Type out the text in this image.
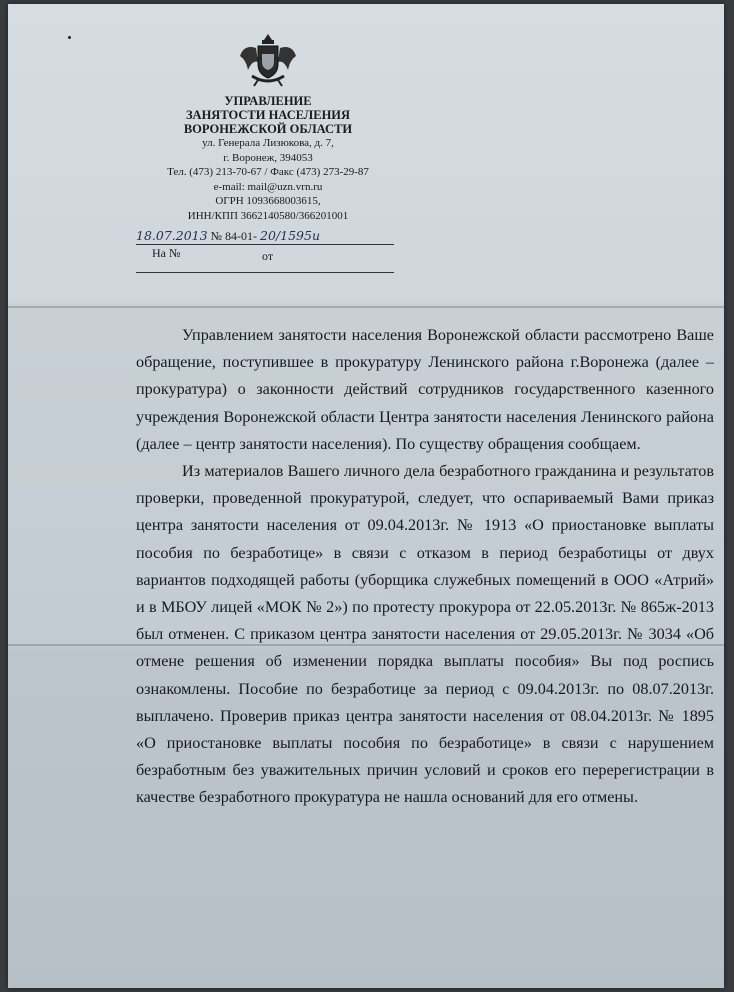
УПРАВЛЕНИЕ
ЗАНЯТОСТИ НАСЕЛЕНИЯ
ВОРОНЕЖСКОЙ ОБЛАСТИ
ул. Генерала Лизюкова, д. 7,
г. Воронеж, 394053
Тел. (473) 213-70-67 / Факс (473) 273-29-87
e-mail: mail@uzn.vrn.ru
ОГРН 1093668003615,
ИНН/КПП 3662140580/366201001
18.07.2013 № 84-01- 20/1595и
На №	от

Управлением занятости населения Воронежской области рассмотрено Ваше обращение, поступившее в прокуратуру Ленинского района г.Воронежа (далее – прокуратура) о законности действий сотрудников государственного казенного учреждения Воронежской области Центра занятости населения Ленинского района (далее – центр занятости населения). По существу обращения сообщаем.

Из материалов Вашего личного дела безработного гражданина и результатов проверки, проведенной прокуратурой, следует, что оспариваемый Вами приказ центра занятости населения от 09.04.2013г. № 1913 «О приостановке выплаты пособия по безработице» в связи с отказом в период безработицы от двух вариантов подходящей работы (уборщика служебных помещений в ООО «Атрий» и в МБОУ лицей «МОК № 2») по протесту прокурора от 22.05.2013г. № 865ж-2013 был отменен. С приказом центра занятости населения от 29.05.2013г. № 3034 «Об отмене решения об изменении порядка выплаты пособия» Вы под роспись ознакомлены. Пособие по безработице за период с 09.04.2013г. по 08.07.2013г. выплачено. Проверив приказ центра занятости населения от 08.04.2013г. № 1895 «О приостановке выплаты пособия по безработице» в связи с нарушением безработным без уважительных причин условий и сроков его перерегистрации в качестве безработного прокуратура не нашла оснований для его отмены.
